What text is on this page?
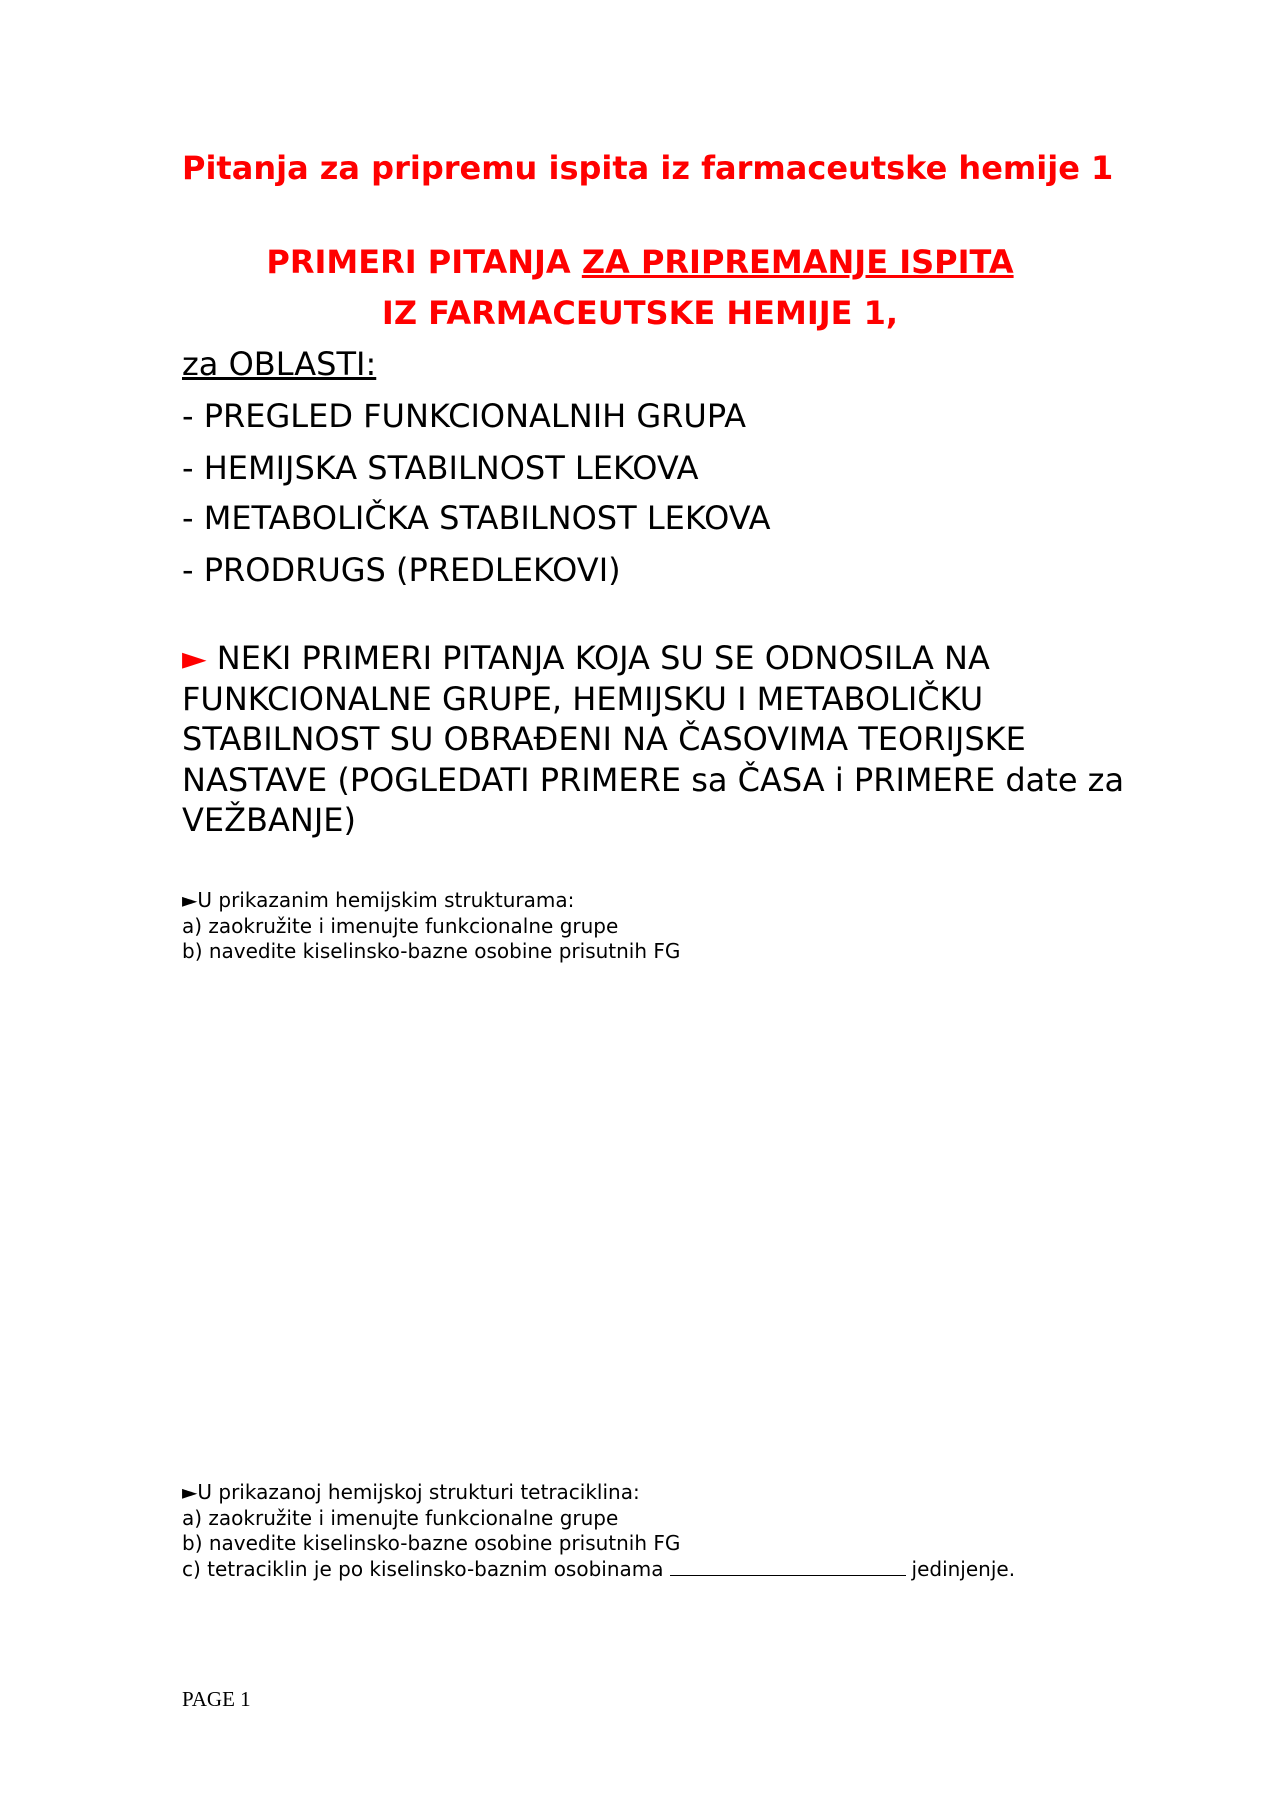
Pitanja za pripremu ispita iz farmaceutske hemije 1

PRIMERI PITANJA ZA PRIPREMANJE ISPITA

IZ FARMACEUTSKE HEMIJE 1,

za OBLASTI:

- PREGLED FUNKCIONALNIH GRUPA

- HEMIJSKA STABILNOST LEKOVA

- METABOLIČKA STABILNOST LEKOVA

- PRODRUGS (PREDLEKOVI)

► NEKI PRIMERI PITANJA KOJA SU SE ODNOSILA NA FUNKCIONALNE GRUPE, HEMIJSKU I METABOLIČKU STABILNOST SU OBRAĐENI NA ČASOVIMA TEORIJSKE NASTAVE (POGLEDATI PRIMERE sa ČASA i PRIMERE date za VEŽBANJE)

►U prikazanim hemijskim strukturama:
a) zaokružite i imenujte funkcionalne grupe
b) navedite kiselinsko-bazne osobine prisutnih FG
►U prikazanoj hemijskoj strukturi tetraciklina:
a) zaokružite i imenujte funkcionalne grupe
b) navedite kiselinsko-bazne osobine prisutnih FG
c) tetraciklin je po kiselinsko-baznim osobinama	jedinjenje.

PAGE 1
